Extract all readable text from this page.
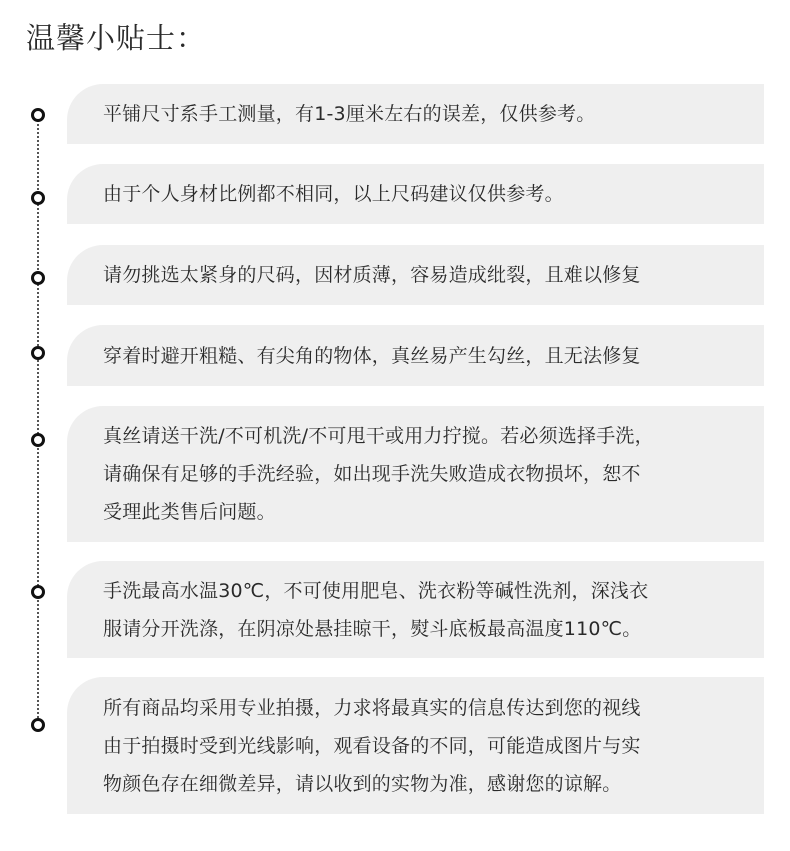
温馨小贴士：
平铺尺寸系手工测量，有1-3厘米左右的误差，仅供参考。
由于个人身材比例都不相同，以上尺码建议仅供参考。
请勿挑选太紧身的尺码，因材质薄，容易造成纰裂，且难以修复
穿着时避开粗糙、有尖角的物体，真丝易产生勾丝，且无法修复
真丝请送干洗/不可机洗/不可甩干或用力拧搅。若必须选择手洗，
请确保有足够的手洗经验，如出现手洗失败造成衣物损坏，恕不
受理此类售后问题。
手洗最高水温30℃，不可使用肥皂、洗衣粉等碱性洗剂，深浅衣
服请分开洗涤，在阴凉处悬挂晾干，熨斗底板最高温度110℃。
所有商品均采用专业拍摄，力求将最真实的信息传达到您的视线
由于拍摄时受到光线影响，观看设备的不同，可能造成图片与实
物颜色存在细微差异，请以收到的实物为准，感谢您的谅解。
